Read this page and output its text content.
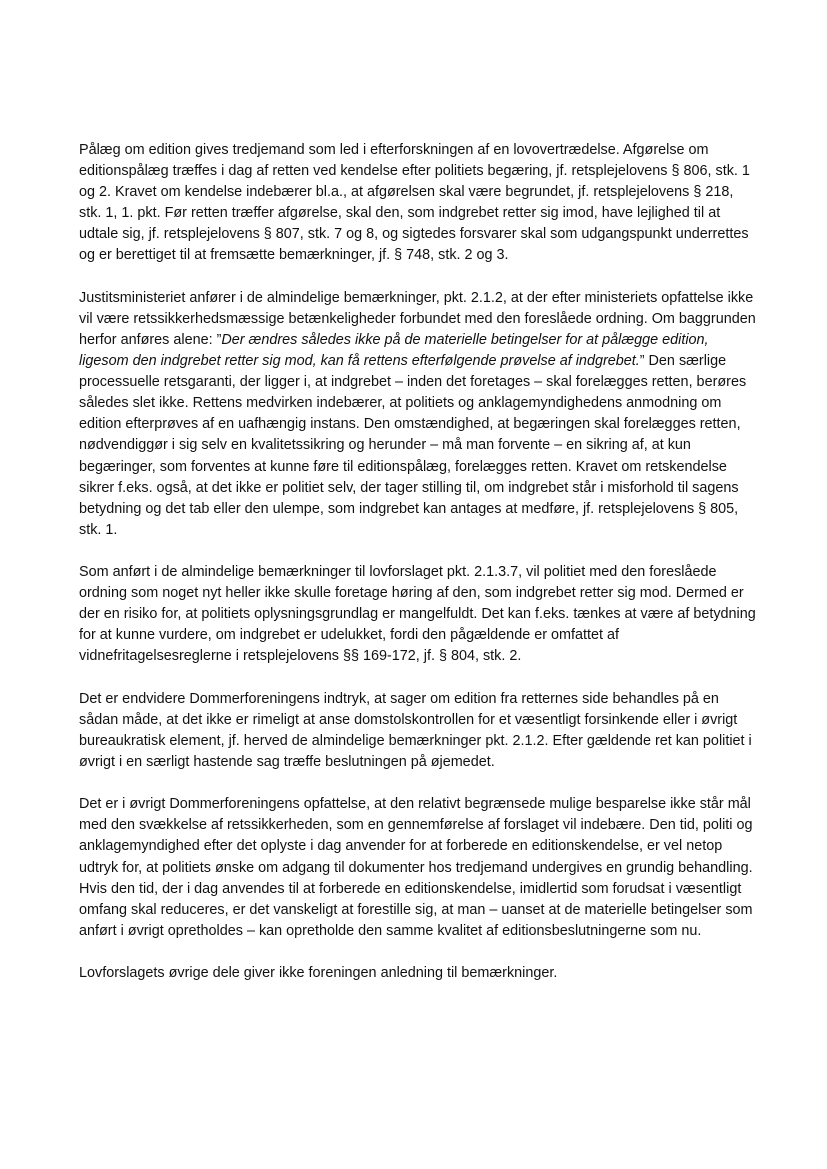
Pålæg om edition gives tredjemand som led i efterforskningen af en lovovertrædelse. Afgørelse om editionspålæg træffes i dag af retten ved kendelse efter politiets begæring, jf. retsplejelovens § 806, stk. 1 og 2. Kravet om kendelse indebærer bl.a., at afgørelsen skal være begrundet, jf. retsplejelovens § 218, stk. 1, 1. pkt. Før retten træffer afgørelse, skal den, som indgrebet retter sig imod, have lejlighed til at udtale sig, jf. retsplejelovens § 807, stk. 7 og 8, og sigtedes forsvarer skal som udgangspunkt underrettes og er berettiget til at fremsætte bemærkninger, jf. § 748, stk. 2 og 3.

Justitsministeriet anfører i de almindelige bemærkninger, pkt. 2.1.2, at der efter ministeriets opfattelse ikke vil være retssikkerhedsmæssige betænkeligheder forbundet med den foreslåede ordning. Om baggrunden herfor anføres alene: ”Der ændres således ikke på de materielle betingelser for at pålægge edition, ligesom den indgrebet retter sig mod, kan få rettens efterfølgende prøvelse af indgrebet.” Den særlige processuelle retsgaranti, der ligger i, at indgrebet – inden det foretages – skal forelægges retten, berøres således slet ikke. Rettens medvirken indebærer, at politiets og anklagemyndighedens anmodning om edition efterprøves af en uafhængig instans. Den omstændighed, at begæringen skal forelægges retten, nødvendiggør i sig selv en kvalitetssikring og herunder – må man forvente – en sikring af, at kun begæringer, som forventes at kunne føre til editionspålæg, forelægges retten. Kravet om retskendelse sikrer f.eks. også, at det ikke er politiet selv, der tager stilling til, om indgrebet står i misforhold til sagens betydning og det tab eller den ulempe, som indgrebet kan antages at medføre, jf. retsplejelovens § 805, stk. 1.

Som anført i de almindelige bemærkninger til lovforslaget pkt. 2.1.3.7, vil politiet med den foreslåede ordning som noget nyt heller ikke skulle foretage høring af den, som indgrebet retter sig mod. Dermed er der en risiko for, at politiets oplysningsgrundlag er mangelfuldt. Det kan f.eks. tænkes at være af betydning for at kunne vurdere, om indgrebet er udelukket, fordi den pågældende er omfattet af vidnefritagelsesreglerne i retsplejelovens §§ 169-172, jf. § 804, stk. 2.

Det er endvidere Dommerforeningens indtryk, at sager om edition fra retternes side behandles på en sådan måde, at det ikke er rimeligt at anse domstolskontrollen for et væsentligt forsinkende eller i øvrigt bureaukratisk element, jf. herved de almindelige bemærkninger pkt. 2.1.2. Efter gældende ret kan politiet i øvrigt i en særligt hastende sag træffe beslutningen på øjemedet.

Det er i øvrigt Dommerforeningens opfattelse, at den relativt begrænsede mulige besparelse ikke står mål med den svækkelse af retssikkerheden, som en gennemførelse af forslaget vil indebære. Den tid, politi og anklagemyndighed efter det oplyste i dag anvender for at forberede en editionskendelse, er vel netop udtryk for, at politiets ønske om adgang til dokumenter hos tredjemand undergives en grundig behandling. Hvis den tid, der i dag anvendes til at forberede en editionskendelse, imidlertid som forudsat i væsentligt omfang skal reduceres, er det vanskeligt at forestille sig, at man – uanset at de materielle betingelser som anført i øvrigt opretholdes – kan opretholde den samme kvalitet af editionsbeslutningerne som nu.

Lovforslagets øvrige dele giver ikke foreningen anledning til bemærkninger.
